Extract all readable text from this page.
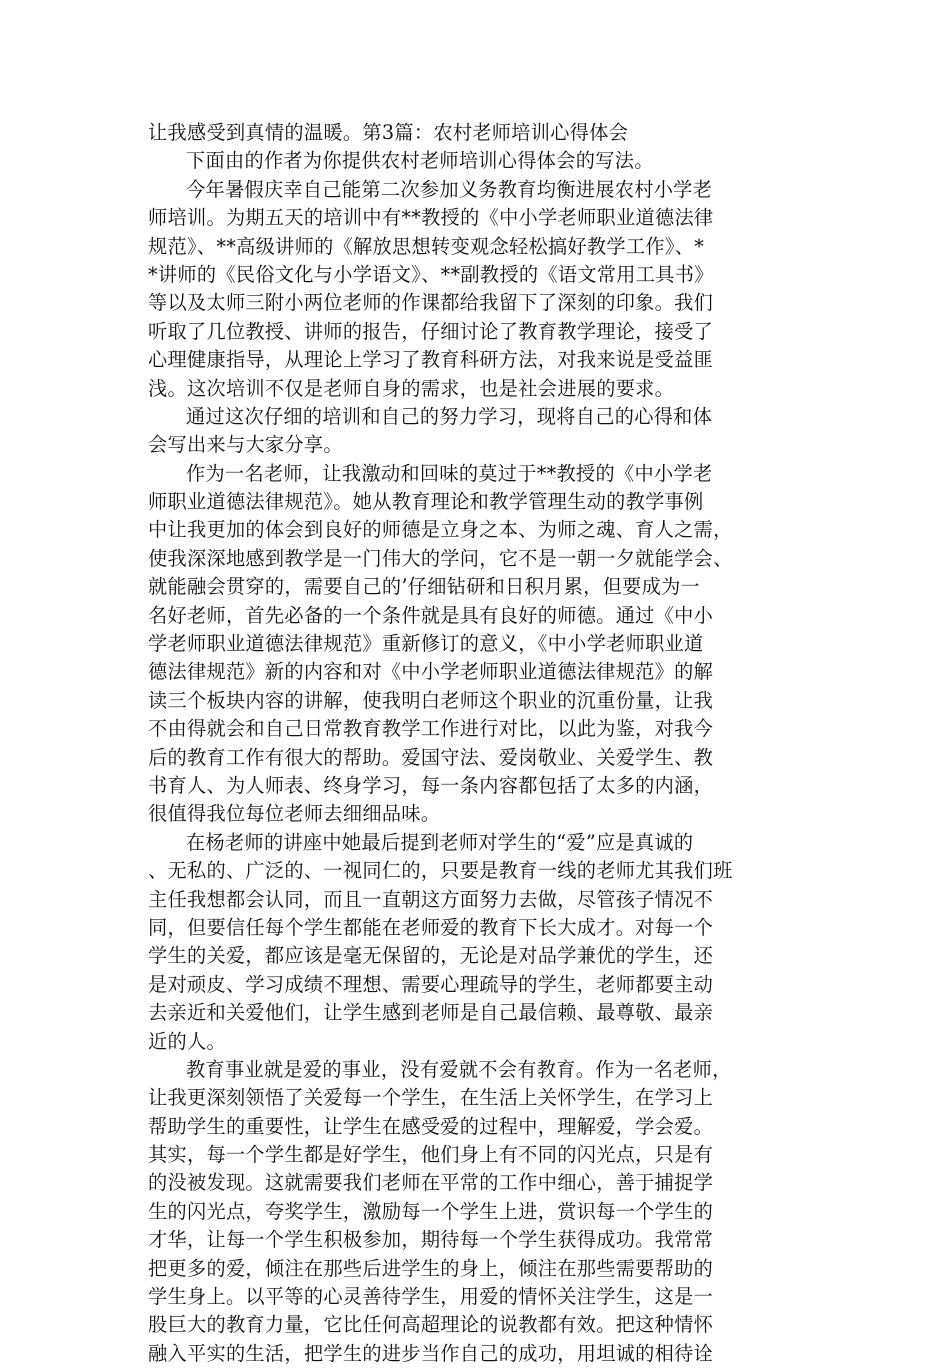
让我感受到真情的温暖。第3篇：农村老师培训心得体会
下面由的作者为你提供农村老师培训心得体会的写法。
今年暑假庆幸自己能第二次参加义务教育均衡进展农村小学老
师培训。为期五天的培训中有**教授的《中小学老师职业道德法律
规范》、**高级讲师的《解放思想转变观念轻松搞好教学工作》、*
*讲师的《民俗文化与小学语文》、**副教授的《语文常用工具书》
等以及太师三附小两位老师的作课都给我留下了深刻的印象。我们
听取了几位教授、讲师的报告，仔细讨论了教育教学理论，接受了
心理健康指导，从理论上学习了教育科研方法，对我来说是受益匪
浅。这次培训不仅是老师自身的需求，也是社会进展的要求。
通过这次仔细的培训和自己的努力学习，现将自己的心得和体
会写出来与大家分享。
作为一名老师，让我激动和回味的莫过于**教授的《中小学老
师职业道德法律规范》。她从教育理论和教学管理生动的教学事例
中让我更加的体会到良好的师德是立身之本、为师之魂、育人之需，
使我深深地感到教学是一门伟大的学问，它不是一朝一夕就能学会、
就能融会贯穿的，需要自己的’仔细钻研和日积月累，但要成为一
名好老师，首先必备的一个条件就是具有良好的师德。通过《中小
学老师职业道德法律规范》重新修订的意义，《中小学老师职业道
德法律规范》新的内容和对《中小学老师职业道德法律规范》的解
读三个板块内容的讲解，使我明白老师这个职业的沉重份量，让我
不由得就会和自己日常教育教学工作进行对比，以此为鉴，对我今
后的教育工作有很大的帮助。爱国守法、爱岗敬业、关爱学生、教
书育人、为人师表、终身学习，每一条内容都包括了太多的内涵，
很值得我位每位老师去细细品味。
在杨老师的讲座中她最后提到老师对学生的“爱”应是真诚的
、无私的、广泛的、一视同仁的，只要是教育一线的老师尤其我们班
主任我想都会认同，而且一直朝这方面努力去做，尽管孩子情况不
同，但要信任每个学生都能在老师爱的教育下长大成才。对每一个
学生的关爱，都应该是毫无保留的，无论是对品学兼优的学生，还
是对顽皮、学习成绩不理想、需要心理疏导的学生，老师都要主动
去亲近和关爱他们，让学生感到老师是自己最信赖、最尊敬、最亲
近的人。
教育事业就是爱的事业，没有爱就不会有教育。作为一名老师，
让我更深刻领悟了关爱每一个学生，在生活上关怀学生，在学习上
帮助学生的重要性，让学生在感受爱的过程中，理解爱，学会爱。
其实，每一个学生都是好学生，他们身上有不同的闪光点，只是有
的没被发现。这就需要我们老师在平常的工作中细心，善于捕捉学
生的闪光点，夸奖学生，激励每一个学生上进，赏识每一个学生的
才华，让每一个学生积极参加，期待每一个学生获得成功。我常常
把更多的爱，倾注在那些后进学生的身上，倾注在那些需要帮助的
学生身上。以平等的心灵善待学生，用爱的情怀关注学生，这是一
股巨大的教育力量，它比任何高超理论的说教都有效。把这种情怀
融入平实的生活，把学生的进步当作自己的成功，用坦诚的相待诠
